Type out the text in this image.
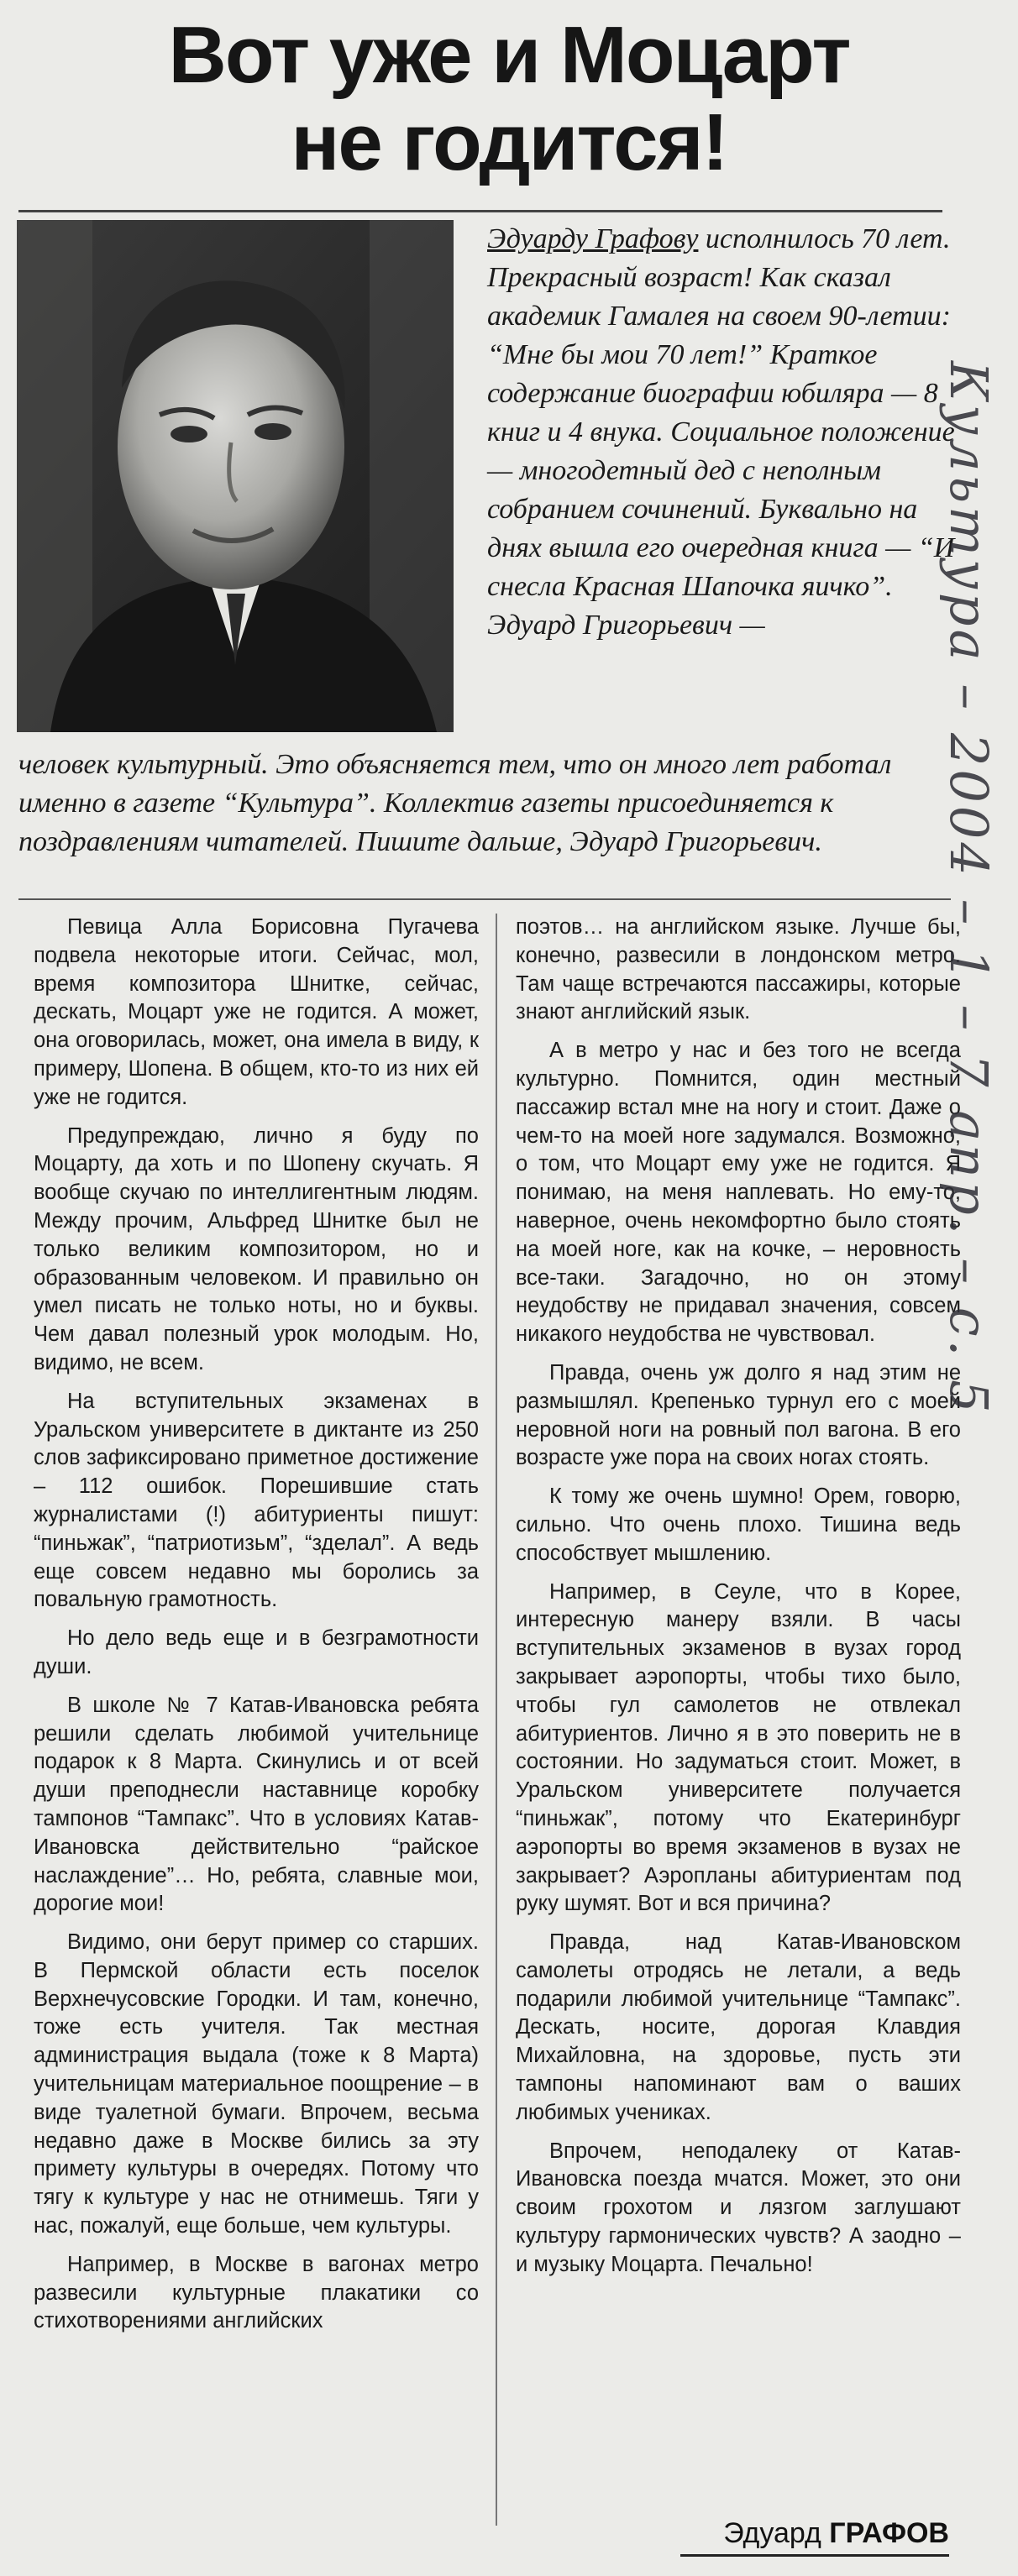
Вот уже и Моцарт
не годится!

Эдуарду Графову исполнилось 70 лет. Прекрасный возраст! Как сказал академик Гамалея на своем 90-летии: “Мне бы мои 70 лет!” Краткое содержание биографии юбиляра — 8 книг и 4 внука. Социальное положение — многодетный дед с неполным собранием сочинений. Буквально на днях вышла его очередная книга — “И снесла Красная Шапочка яичко”. Эдуард Григорьевич —

человек культурный. Это объясняется тем, что он много лет работал именно в газете “Культура”. Коллектив газеты присоединяется к поздравлениям читателей. Пишите дальше, Эдуард Григорьевич.

Певица Алла Борисовна Пугачева подвела некоторые итоги. Сейчас, мол, время композитора Шнитке, сейчас, дескать, Моцарт уже не годится. А может, она оговорилась, может, она имела в виду, к примеру, Шопена. В общем, кто-то из них ей уже не годится.

Предупреждаю, лично я буду по Моцарту, да хоть и по Шопену скучать. Я вообще скучаю по интеллигентным людям. Между прочим, Альфред Шнитке был не только великим композитором, но и образованным человеком. И правильно он умел писать не только ноты, но и буквы. Чем давал полезный урок молодым. Но, видимо, не всем.

На вступительных экзаменах в Уральском университете в диктанте из 250 слов зафиксировано приметное достижение – 112 ошибок. Порешившие стать журналистами (!) абитуриенты пишут: “пиньжак”, “патриотизьм”, “зделал”. А ведь еще совсем недавно мы боролись за повальную грамотность.

Но дело ведь еще и в безграмотности души.

В школе № 7 Катав-Ивановска ребята решили сделать любимой учительнице подарок к 8 Марта. Скинулись и от всей души преподнесли наставнице коробку тампонов “Тампакс”. Что в условиях Катав-Ивановска действительно “райское наслаждение”… Но, ребята, славные мои, дорогие мои!

Видимо, они берут пример со старших. В Пермской области есть поселок Верхнечусовские Городки. И там, конечно, тоже есть учителя. Так местная администрация выдала (тоже к 8 Марта) учительницам материальное поощрение – в виде туалетной бумаги. Впрочем, весьма недавно даже в Москве бились за эту примету культуры в очередях. Потому что тягу к культуре у нас не отнимешь. Тяги у нас, пожалуй, еще больше, чем культуры.

Например, в Москве в вагонах метро развесили культурные плакатики со стихотворениями английских

поэтов… на английском языке. Лучше бы, конечно, развесили в лондонском метро. Там чаще встречаются пассажиры, которые знают английский язык.

А в метро у нас и без того не всегда культурно. Помнится, один местный пассажир встал мне на ногу и стоит. Даже о чем-то на моей ноге задумался. Возможно, о том, что Моцарт ему уже не годится. Я понимаю, на меня наплевать. Но ему-то, наверное, очень некомфортно было стоять на моей ноге, как на кочке, – неровность все-таки. Загадочно, но он этому неудобству не придавал значения, совсем никакого неудобства не чувствовал.

Правда, очень уж долго я над этим не размышлял. Крепенько турнул его с моей неровной ноги на ровный пол вагона. В его возрасте уже пора на своих ногах стоять.

К тому же очень шумно! Орем, говорю, сильно. Что очень плохо. Тишина ведь способствует мышлению.

Например, в Сеуле, что в Корее, интересную манеру взяли. В часы вступительных экзаменов в вузах город закрывает аэропорты, чтобы тихо было, чтобы гул самолетов не отвлекал абитуриентов. Лично я в это поверить не в состоянии. Но задуматься стоит. Может, в Уральском университете получается “пиньжак”, потому что Екатеринбург аэропорты во время экзаменов в вузах не закрывает? Аэропланы абитуриентам под руку шумят. Вот и вся причина?

Правда, над Катав-Ивановском самолеты отродясь не летали, а ведь подарили любимой учительнице “Тампакс”. Дескать, носите, дорогая Клавдия Михайловна, на здоровье, пусть эти тампоны напоминают вам о ваших любимых учениках.

Впрочем, неподалеку от Катав-Ивановска поезда мчатся. Может, это они своим грохотом и лязгом заглушают культуру гармонических чувств? А заодно – и музыку Моцарта. Печально!

Эдуард ГРАФОВ
Культура – 2004 – 1 – 7 апр. – с. 5
